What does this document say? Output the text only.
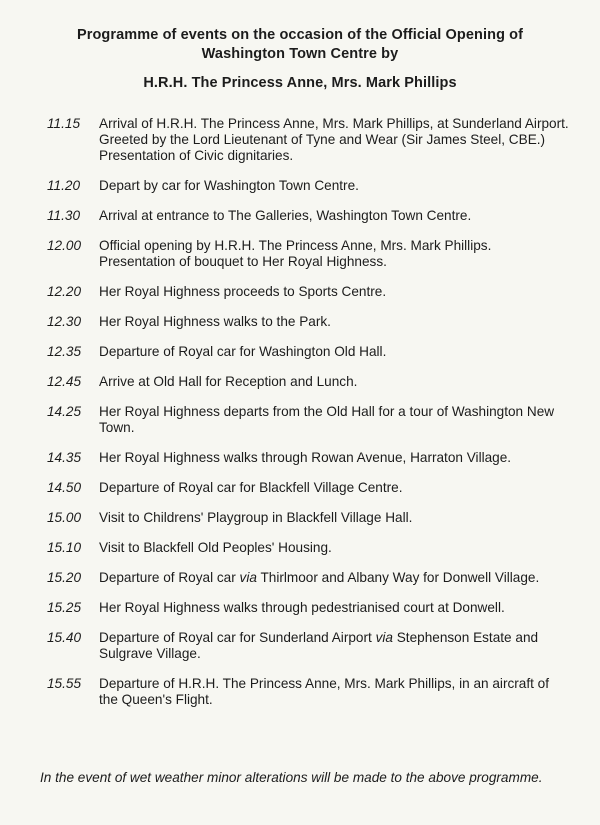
Programme of events on the occasion of the Official Opening of
Washington Town Centre by
H.R.H. The Princess Anne, Mrs. Mark Phillips
11.15	Arrival of H.R.H. The Princess Anne, Mrs. Mark Phillips, at Sunderland Airport. Greeted by the Lord Lieutenant of Tyne and Wear (Sir James Steel, CBE.) Presentation of Civic dignitaries.
11.20	Depart by car for Washington Town Centre.
11.30	Arrival at entrance to The Galleries, Washington Town Centre.
12.00	Official opening by H.R.H. The Princess Anne, Mrs. Mark Phillips. Presentation of bouquet to Her Royal Highness.
12.20	Her Royal Highness proceeds to Sports Centre.
12.30	Her Royal Highness walks to the Park.
12.35	Departure of Royal car for Washington Old Hall.
12.45	Arrive at Old Hall for Reception and Lunch.
14.25	Her Royal Highness departs from the Old Hall for a tour of Washington New Town.
14.35	Her Royal Highness walks through Rowan Avenue, Harraton Village.
14.50	Departure of Royal car for Blackfell Village Centre.
15.00	Visit to Childrens' Playgroup in Blackfell Village Hall.
15.10	Visit to Blackfell Old Peoples' Housing.
15.20	Departure of Royal car via Thirlmoor and Albany Way for Donwell Village.
15.25	Her Royal Highness walks through pedestrianised court at Donwell.
15.40	Departure of Royal car for Sunderland Airport via Stephenson Estate and Sulgrave Village.
15.55	Departure of H.R.H. The Princess Anne, Mrs. Mark Phillips, in an aircraft of the Queen's Flight.
In the event of wet weather minor alterations will be made to the above programme.
